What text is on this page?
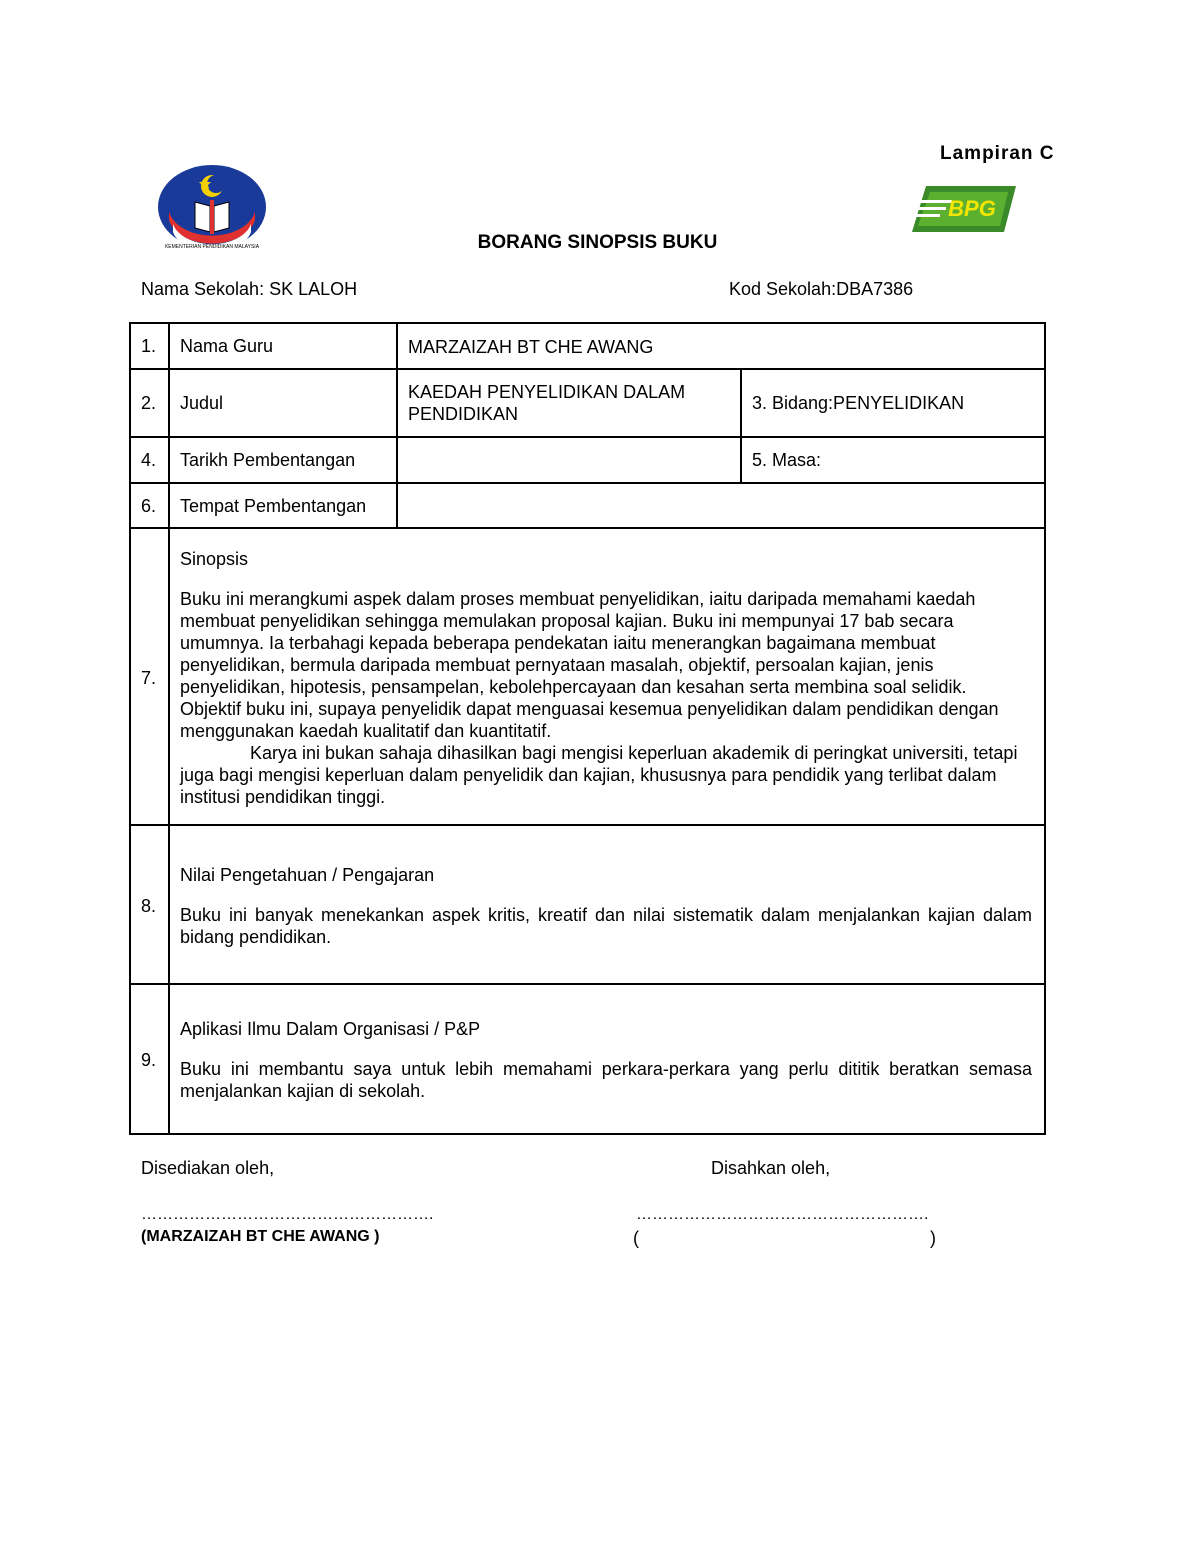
Lampiran C
KEMENTERIAN PENDIDIKAN MALAYSIA
BPG
BORANG SINOPSIS BUKU
Nama Sekolah: SK LALOH	Kod Sekolah:DBA7386
1.	Nama Guru	MARZAIZAH BT CHE AWANG	
2.	Judul	KAEDAH PENYELIDIKAN DALAM PENDIDIKAN	3. Bidang:PENYELIDIKAN
4.	Tarikh Pembentangan		5. Masa:
6.	Tempat Pembentangan		
7.	Sinopsis
Buku ini merangkumi aspek dalam proses membuat penyelidikan, iaitu daripada memahami kaedah membuat penyelidikan sehingga memulakan proposal kajian. Buku ini mempunyai 17 bab secara umumnya. Ia terbahagi kepada beberapa pendekatan iaitu menerangkan bagaimana membuat penyelidikan, bermula daripada membuat pernyataan masalah, objektif, persoalan kajian, jenis penyelidikan, hipotesis, pensampelan, kebolehpercayaan dan kesahan serta membina soal selidik. Objektif buku ini, supaya penyelidik dapat menguasai kesemua penyelidikan dalam pendidikan dengan menggunakan kaedah kualitatif dan kuantitatif.
Karya ini bukan sahaja dihasilkan bagi mengisi keperluan akademik di peringkat universiti, tetapi juga bagi mengisi keperluan dalam penyelidik dan kajian, khususnya para pendidik yang terlibat dalam institusi pendidikan tinggi.		

8.	Nilai Pengetahuan / Pengajaran
Buku ini banyak menekankan aspek kritis, kreatif dan nilai sistematik dalam menjalankan kajian dalam bidang pendidikan.		

9.	Aplikasi Ilmu Dalam Organisasi / P&P
Buku ini membantu saya untuk lebih memahami perkara-perkara yang perlu dititik beratkan semasa menjalankan kajian di sekolah.		
Disediakan oleh,	Disahkan oleh,
……………………………………………….	……………………………………………….
(MARZAIZAH BT CHE AWANG )	(	)
